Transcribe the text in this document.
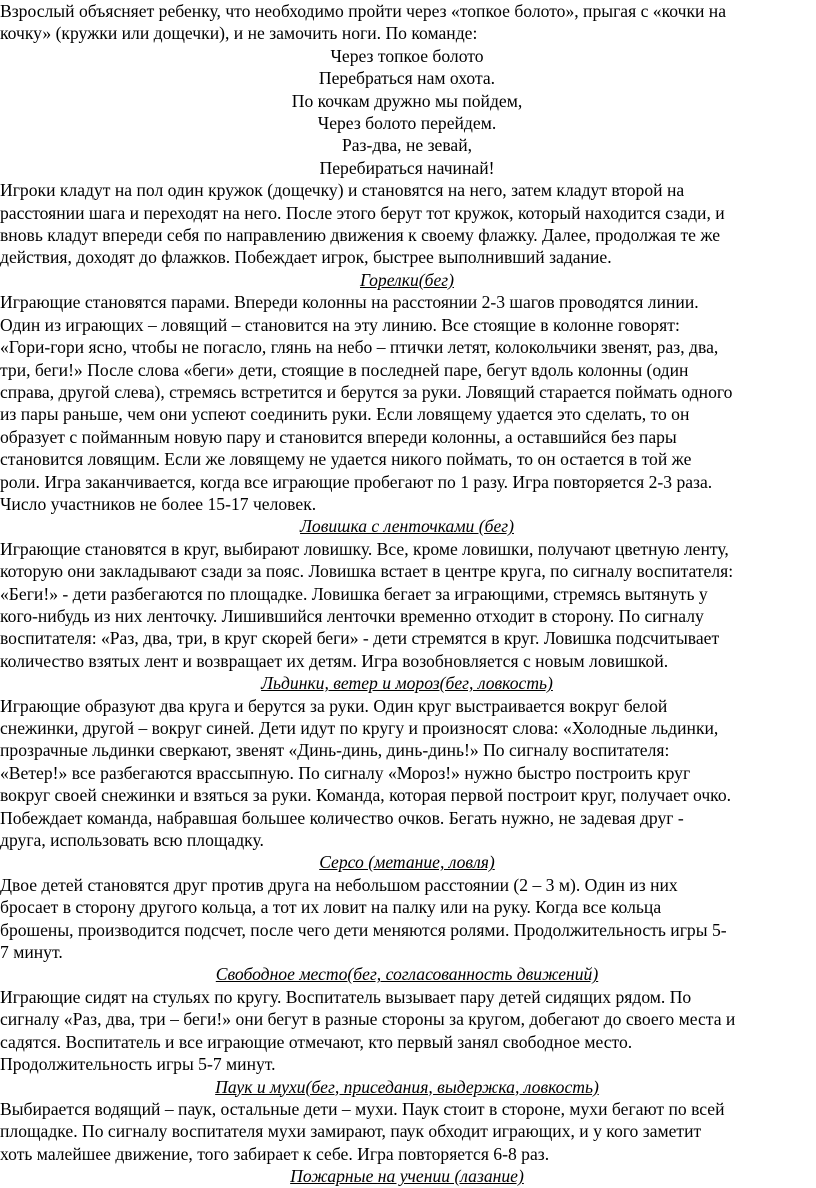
Взрослый объясняет ребенку, что необходимо пройти через «топкое болото», прыгая с «кочки на
кочку» (кружки или дощечки), и не замочить ноги. По команде:
Через топкое болото
Перебраться нам охота.
По кочкам дружно мы пойдем,
Через болото перейдем.
Раз-два, не зевай,
Перебираться начинай!
Игроки кладут на пол один кружок (дощечку) и становятся на него, затем кладут второй на
расстоянии шага и переходят на него. После этого берут тот кружок, который находится сзади, и
вновь кладут впереди себя по направлению движения к своему флажку. Далее, продолжая те же
действия, доходят до флажков. Побеждает игрок, быстрее выполнивший задание.
Горелки(бег)
Играющие становятся парами. Впереди колонны на расстоянии 2-3 шагов проводятся линии.
Один из играющих – ловящий – становится на эту линию. Все стоящие в колонне говорят:
«Гори-гори ясно, чтобы не погасло, глянь на небо – птички летят, колокольчики звенят, раз, два,
три, беги!» После слова «беги» дети, стоящие в последней паре, бегут вдоль колонны (один
справа, другой слева), стремясь встретится и берутся за руки. Ловящий старается поймать одного
из пары раньше, чем они успеют соединить руки. Если ловящему удается это сделать, то он
образует с пойманным новую пару и становится впереди колонны, а оставшийся без пары
становится ловящим. Если же ловящему не удается никого поймать, то он остается в той же
роли. Игра заканчивается, когда все играющие пробегают по 1 разу. Игра повторяется 2-3 раза.
Число участников не более 15-17 человек.
Ловишка с ленточками (бег)
Играющие становятся в круг, выбирают ловишку. Все, кроме ловишки, получают цветную ленту,
которую они закладывают сзади за пояс. Ловишка встает в центре круга, по сигналу воспитателя:
«Беги!» - дети разбегаются по площадке. Ловишка бегает за играющими, стремясь вытянуть у
кого-нибудь из них ленточку. Лишившийся ленточки временно отходит в сторону. По сигналу
воспитателя: «Раз, два, три, в круг скорей беги» - дети стремятся в круг. Ловишка подсчитывает
количество взятых лент и возвращает их детям. Игра возобновляется с новым ловишкой.
Льдинки, ветер и мороз(бег, ловкость)
Играющие образуют два круга и берутся за руки. Один круг выстраивается вокруг белой
снежинки, другой – вокруг синей. Дети идут по кругу и произносят слова: «Холодные льдинки,
прозрачные льдинки сверкают, звенят «Динь-динь, динь-динь!» По сигналу воспитателя:
«Ветер!» все разбегаются врассыпную. По сигналу «Мороз!» нужно быстро построить круг
вокруг своей снежинки и взяться за руки. Команда, которая первой построит круг, получает очко.
Побеждает команда, набравшая большее количество очков. Бегать нужно, не задевая друг -
друга, использовать всю площадку.
Серсо (метание, ловля)
Двое детей становятся друг против друга на небольшом расстоянии (2 – 3 м). Один из них
бросает в сторону другого кольца, а тот их ловит на палку или на руку. Когда все кольца
брошены, производится подсчет, после чего дети меняются ролями. Продолжительность игры 5-
7 минут.
Свободное место(бег, согласованность движений)
Играющие сидят на стульях по кругу. Воспитатель вызывает пару детей сидящих рядом. По
сигналу «Раз, два, три – беги!» они бегут в разные стороны за кругом, добегают до своего места и
садятся. Воспитатель и все играющие отмечают, кто первый занял свободное место.
Продолжительность игры 5-7 минут.
Паук и мухи(бег, приседания, выдержка, ловкость)
Выбирается водящий – паук, остальные дети – мухи. Паук стоит в стороне, мухи бегают по всей
площадке. По сигналу воспитателя мухи замирают, паук обходит играющих, и у кого заметит
хоть малейшее движение, того забирает к себе. Игра повторяется 6-8 раз.
Пожарные на учении (лазание)
